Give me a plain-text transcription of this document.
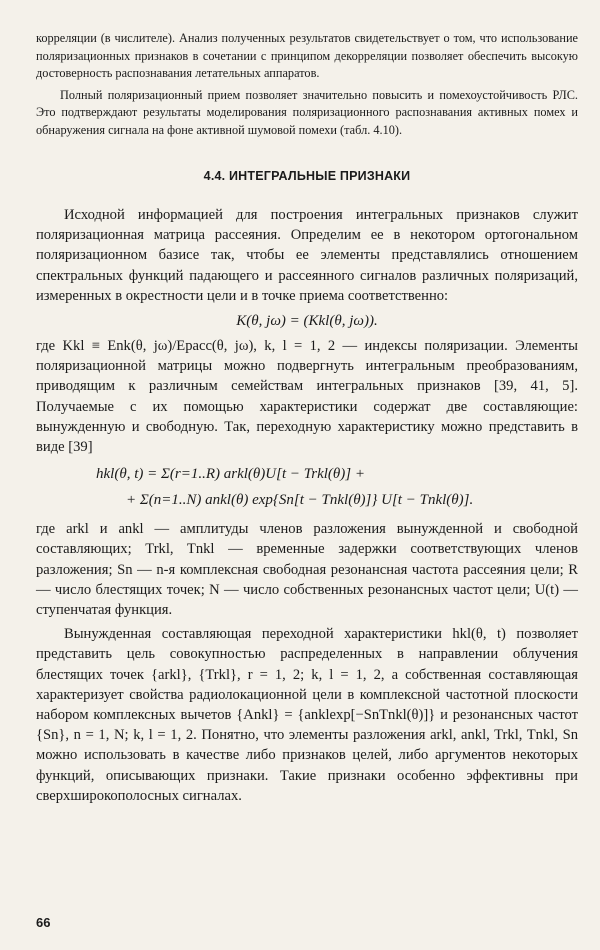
корреляции (в числителе). Анализ полученных результатов свидетельствует о том, что использование поляризационных признаков в сочетании с принципом декорреляции позволяет обеспечить высокую достоверность распознавания летательных аппаратов.

Полный поляризационный прием позволяет значительно повысить и помехоустойчивость РЛС. Это подтверждают результаты моделирования поляризационного распознавания активных помех и обнаружения сигнала на фоне активной шумовой помехи (табл. 4.10).

4.4. ИНТЕГРАЛЬНЫЕ ПРИЗНАКИ

Исходной информацией для построения интегральных признаков служит поляризационная матрица рассеяния. Определим ее в некотором ортогональном поляризационном базисе так, чтобы ее элементы представлялись отношением спектральных функций падающего и рассеянного сигналов различных поляризаций, измеренных в окрестности цели и в точке приема соответственно:

K(θ, jω) = (Kkl(θ, jω)).

где Kkl ≡ Enk(θ, jω)/Eрасс(θ, jω), k, l = 1, 2 — индексы поляризации. Элементы поляризационной матрицы можно подвергнуть интегральным преобразованиям, приводящим к различным семействам интегральных признаков [39, 41, 5]. Получаемые с их помощью характеристики содержат две составляющие: вынужденную и свободную. Так, переходную характеристику можно представить в виде [39]

hkl(θ, t) = Σ(r=1..R) arkl(θ)U[t − Trkl(θ)] +
+ Σ(n=1..N) ankl(θ) exp{Sn[t − Tnkl(θ)]} U[t − Tnkl(θ)].

где arkl и ankl — амплитуды членов разложения вынужденной и свободной составляющих; Trkl, Tnkl — временные задержки соответствующих членов разложения; Sn — n-я комплексная свободная резонансная частота рассеяния цели; R — число блестящих точек; N — число собственных резонансных частот цели; U(t) — ступенчатая функция.

Вынужденная составляющая переходной характеристики hkl(θ, t) позволяет представить цель совокупностью распределенных в направлении облучения блестящих точек {arkl}, {Trkl}, r = 1, 2; k, l = 1, 2, а собственная составляющая характеризует свойства радиолокационной цели в комплексной частотной плоскости набором комплексных вычетов {Ankl} = {anklexp[−SnTnkl(θ)]} и резонансных частот {Sn}, n = 1, N; k, l = 1, 2. Понятно, что элементы разложения arkl, ankl, Trkl, Tnkl, Sn можно использовать в качестве либо признаков целей, либо аргументов некоторых функций, описывающих признаки. Такие признаки особенно эффективны при сверхширокополосных сигналах.

66
